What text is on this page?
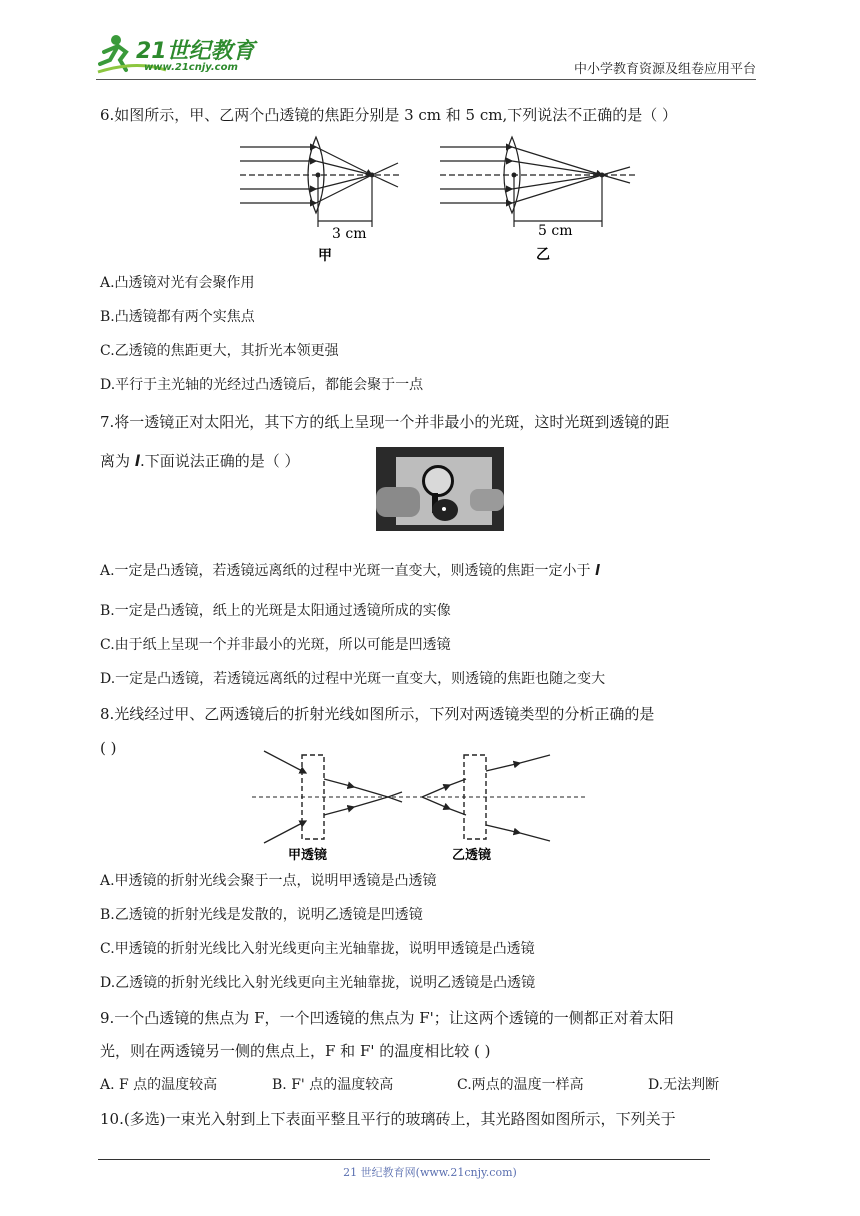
21世纪教育
www.21cnjy.com	中小学教育资源及组卷应用平台
6.如图所示，甲、乙两个凸透镜的焦距分别是 3 cm 和 5 cm,下列说法不正确的是（ ）
3 cm
甲
5 cm
乙
A.凸透镜对光有会聚作用
B.凸透镜都有两个实焦点
C.乙透镜的焦距更大，其折光本领更强
D.平行于主光轴的光经过凸透镜后，都能会聚于一点
7.将一透镜正对太阳光，其下方的纸上呈现一个并非最小的光斑，这时光斑到透镜的距
离为 l.下面说法正确的是（ ）
A.一定是凸透镜，若透镜远离纸的过程中光斑一直变大，则透镜的焦距一定小于 l
B.一定是凸透镜，纸上的光斑是太阳通过透镜所成的实像
C.由于纸上呈现一个并非最小的光斑，所以可能是凹透镜
D.一定是凸透镜，若透镜远离纸的过程中光斑一直变大，则透镜的焦距也随之变大
8.光线经过甲、乙两透镜后的折射光线如图所示，下列对两透镜类型的分析正确的是
( )
甲透镜	乙透镜
A.甲透镜的折射光线会聚于一点，说明甲透镜是凸透镜
B.乙透镜的折射光线是发散的，说明乙透镜是凹透镜
C.甲透镜的折射光线比入射光线更向主光轴靠拢，说明甲透镜是凸透镜
D.乙透镜的折射光线比入射光线更向主光轴靠拢，说明乙透镜是凸透镜
9.一个凸透镜的焦点为 F，一个凹透镜的焦点为 F'；让这两个透镜的一侧都正对着太阳
光，则在两透镜另一侧的焦点上，F 和 F' 的温度相比较 ( )
A. F 点的温度较高	B. F' 点的温度较高	C.两点的温度一样高	D.无法判断
10.(多选)一束光入射到上下表面平整且平行的玻璃砖上，其光路图如图所示，下列关于
21 世纪教育网(www.21cnjy.com)
